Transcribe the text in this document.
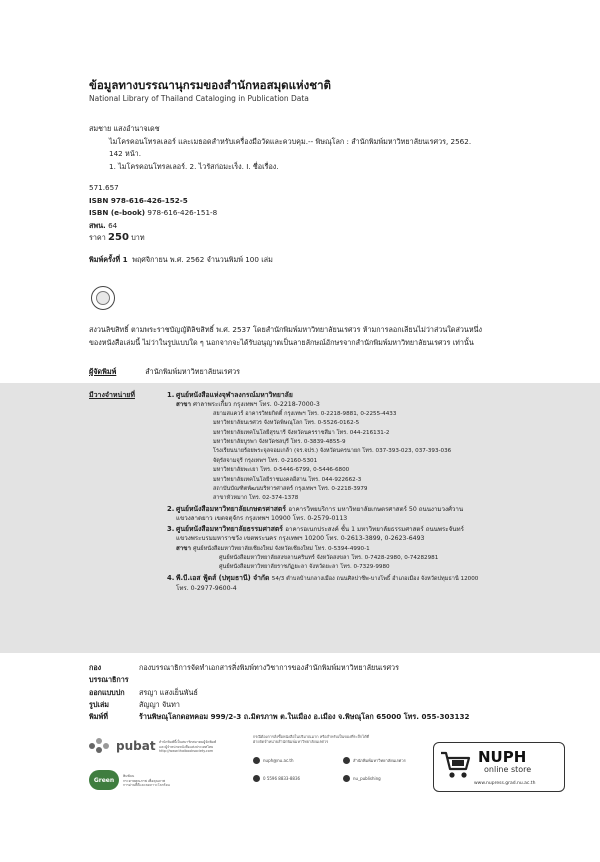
ข้อมูลทางบรรณานุกรมของสำนักหอสมุดแห่งชาติ
National Library of Thailand Cataloging in Publication Data
สมชาย แสงอำนาจเดช
ไมโครคอนโทรลเลอร์ และเมธอดสำหรับเครื่องมือวัดและควบคุม.-- พิษณุโลก : สำนักพิมพ์มหาวิทยาลัยนเรศวร, 2562.
142 หน้า.
1. ไมโครคอนโทรลเลอร์. 2. ไวรัสก่อมะเร็ง. I. ชื่อเรื่อง.
571.657
ISBN 978-616-426-152-5
ISBN (e-book) 978-616-426-151-8
สพน. 64
ราคา 250 บาท
พิมพ์ครั้งที่ 1 พฤศจิกายน พ.ศ. 2562 จำนวนพิมพ์ 100 เล่ม
สงวนลิขสิทธิ์ ตามพระราชบัญญัติลิขสิทธิ์ พ.ศ. 2537 โดยสำนักพิมพ์มหาวิทยาลัยนเรศวร ห้ามการลอกเลียนไม่ว่าส่วนใดส่วนหนึ่ง
ของหนังสือเล่มนี้ ไม่ว่าในรูปแบบใด ๆ นอกจากจะได้รับอนุญาตเป็นลายลักษณ์อักษรจากสำนักพิมพ์มหาวิทยาลัยนเรศวร เท่านั้น
ผู้จัดพิมพ์	สำนักพิมพ์มหาวิทยาลัยนเรศวร
มีวางจำหน่ายที่	1. ศูนย์หนังสือแห่งจุฬาลงกรณ์มหาวิทยาลัย
สาขา ศาลาพระเกี้ยว กรุงเทพฯ โทร. 0-2218-7000-3
สยามสแควร์ อาคารวิทยกิตติ์ กรุงเทพฯ โทร. 0-2218-9881, 0-2255-4433
มหาวิทยาลัยนเรศวร จังหวัดพิษณุโลก โทร. 0-5526-0162-5
มหาวิทยาลัยเทคโนโลยีสุรนารี จังหวัดนครราชสีมา โทร. 044-216131-2
มหาวิทยาลัยบูรพา จังหวัดชลบุรี โทร. 0-3839-4855-9
โรงเรียนนายร้อยพระจุลจอมเกล้า (จร.จปร.) จังหวัดนครนายก โทร. 037-393-023, 037-393-036
จัตุรัสจามจุรี กรุงเทพฯ โทร. 0-2160-5301
มหาวิทยาลัยพะเยา โทร. 0-5446-6799, 0-5446-6800
มหาวิทยาลัยเทคโนโลยีราชมงคลอีสาน โทร. 044-922662-3
สถาบันบัณฑิตพัฒนบริหารศาสตร์ กรุงเทพฯ โทร. 0-2218-3979
สาขาหัวหมาก โทร. 02-374-1378
2. ศูนย์หนังสือมหาวิทยาลัยเกษตรศาสตร์ อาคารวิทยบริการ มหาวิทยาลัยเกษตรศาสตร์ 50 ถนนงามวงศ์วาน
แขวงลาดยาว เขตจตุจักร กรุงเทพฯ 10900 โทร. 0-2579-0113
3. ศูนย์หนังสือมหาวิทยาลัยธรรมศาสตร์ อาคารอเนกประสงค์ ชั้น 1 มหาวิทยาลัยธรรมศาสตร์ ถนนพระจันทร์
แขวงพระบรมมหาราชวัง เขตพระนคร กรุงเทพฯ 10200 โทร. 0-2613-3899, 0-2623-6493
สาขา ศูนย์หนังสือมหาวิทยาลัยเชียงใหม่ จังหวัดเชียงใหม่ โทร. 0-5394-4990-1
ศูนย์หนังสือมหาวิทยาลัยสงขลานครินทร์ จังหวัดสงขลา โทร. 0-7428-2980, 0-74282981
ศูนย์หนังสือมหาวิทยาลัยราชภัฏยะลา จังหวัดยะลา โทร. 0-7329-9980
4. พี.บี.เอส ฟู้ดส์ (ปทุมธานี) จำกัด 54/3 ตำบลบ้านกลางเมือง ถนนศิลปาชีพ-บางโพธิ์ อำเภอเมือง จังหวัดปทุมธานี 12000
โทร. 0-2977-9600-4
กองบรรณาธิการ
กองบรรณาธิการจัดทำเอกสารสิ่งพิมพ์ทางวิชาการของสำนักพิมพ์มหาวิทยาลัยนเรศวร
ออกแบบปก	สรญา แสงเย็นพันธ์
รูปเล่ม	สัญญา จันทา
พิมพ์ที่	ร้านพิษณุโลกดอทคอม 999/2-3 ถ.มิตรภาพ ต.ในเมือง อ.เมือง จ.พิษณุโลก 65000 โทร. 055-303132
pubat สำนักพิมพ์นี้เป็นสมาชิกสมาคมผู้จัดพิมพ์
และผู้จำหน่ายหนังสือแห่งประเทศไทย
http://www.thaibooksociety.com
Green
พิมพ์บน
กระดาษคุณภาพ เพื่อคุณภาพ
การอ่านที่ดีและลดภาวะโลกร้อน
กรณีต้องการสั่งซื้อหนังสือในปริมาณมาก หรือสำหรับเป็นของที่ระลึกได้ที่
ฝ่ายจัดจำหน่ายสำนักพิมพ์มหาวิทยาลัยนเรศวร
nuph@nu.ac.th	สำนักพิมพ์มหาวิทยาลัยนเรศวร
0 5596 8833-8836	nu_publishing
NUPH
online store
www.nupress.grad.nu.ac.th
